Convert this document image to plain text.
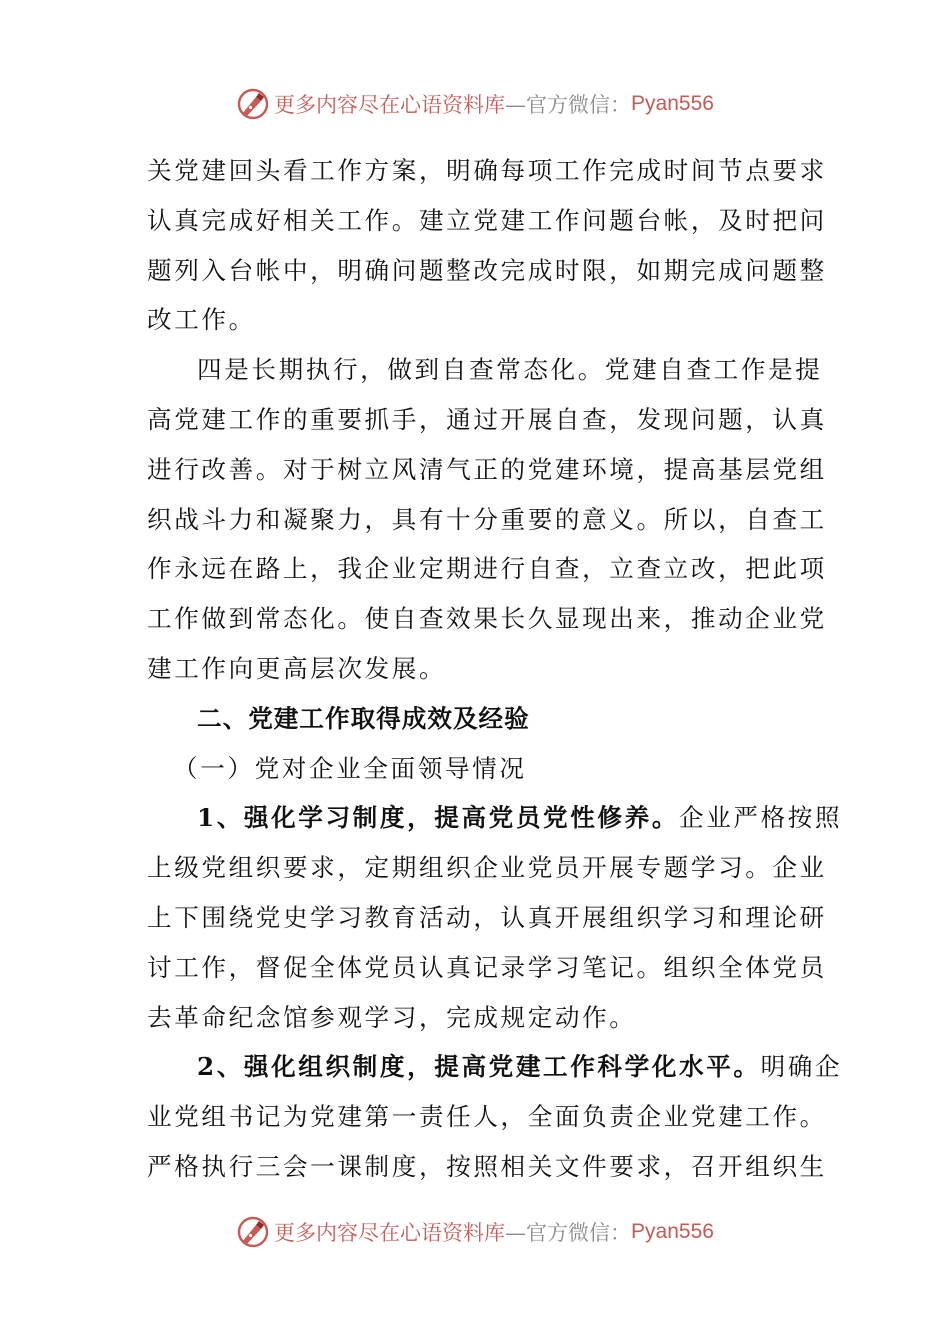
更多内容尽在心语资料库 —官方微信： Pyan556
关党建回头看工作方案，明确每项工作完成时间节点要求
认真完成好相关工作。建立党建工作问题台帐，及时把问
题列入台帐中，明确问题整改完成时限，如期完成问题整
改工作。
四是长期执行，做到自查常态化。党建自查工作是提
高党建工作的重要抓手，通过开展自查，发现问题，认真
进行改善。对于树立风清气正的党建环境，提高基层党组
织战斗力和凝聚力，具有十分重要的意义。所以，自查工
作永远在路上，我企业定期进行自查，立查立改，把此项
工作做到常态化。使自查效果长久显现出来，推动企业党
建工作向更高层次发展。
二、党建工作取得成效及经验
（一）党对企业全面领导情况
1、强化学习制度，提高党员党性修养。企业严格按照
上级党组织要求，定期组织企业党员开展专题学习。企业
上下围绕党史学习教育活动，认真开展组织学习和理论研
讨工作，督促全体党员认真记录学习笔记。组织全体党员
去革命纪念馆参观学习，完成规定动作。
2、强化组织制度，提高党建工作科学化水平。明确企
业党组书记为党建第一责任人，全面负责企业党建工作。
严格执行三会一课制度，按照相关文件要求，召开组织生
更多内容尽在心语资料库 —官方微信： Pyan556
